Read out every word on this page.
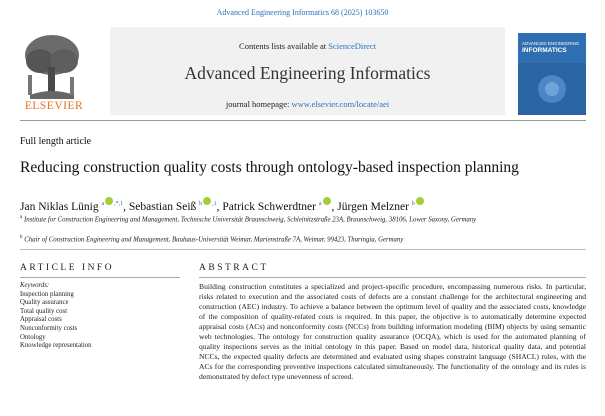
Advanced Engineering Informatics 68 (2025) 103650
Contents lists available at ScienceDirect
Advanced Engineering Informatics
journal homepage: www.elsevier.com/locate/aei
ELSEVIER
ADVANCED ENGINEERING
INFORMATICS
Full length article
Reducing construction quality costs through ontology-based inspection planning
Jan Niklas Lünig $^a$ $^{,*,1}$, Sebastian Seiß $^b$ $^{,1}$, Patrick Schwerdtner $^a$ , Jürgen Melzner $^b$
$^a$ Institute for Construction Engineering and Management, Technische Universität Braunschweig, Schleinitzstraße 23A, Braunschweig, 38106, Lower Saxony, Germany
$^b$ Chair of Construction Engineering and Management, Bauhaus-Universität Weimar, Marienstraße 7A, Weimar, 99423, Thuringia, Germany
ARTICLE INFO	ABSTRACT
Keywords:
Inspection planning
Quality assurance
Total quality cost
Appraisal costs
Nonconformity costs
Ontology
Knowledge representation
Building construction constitutes a specialized and project-specific procedure, encompassing numerous risks. In particular, risks related to execution and the associated costs of defects are a constant challenge for the architectural engineering and construction (AEC) industry. To achieve a balance between the optimum level of quality and the associated costs, knowledge of the composition of quality-related costs is required. In this paper, the objective is to automatically determine expected appraisal costs (ACs) and nonconformity costs (NCCs) from building information modeling (BIM) objects by using semantic web technologies. The ontology for construction quality assurance (OCQA), which is used for the automated planning of quality inspections serves as the initial ontology in this paper. Based on model data, historical quality data, and potential NCCs, the expected quality defects are determined and evaluated using shapes constraint language (SHACL) rules, with the ACs for the corresponding preventive inspections calculated simultaneously. The functionality of the ontology and its rules is demonstrated by defect type unevenness of screed.
